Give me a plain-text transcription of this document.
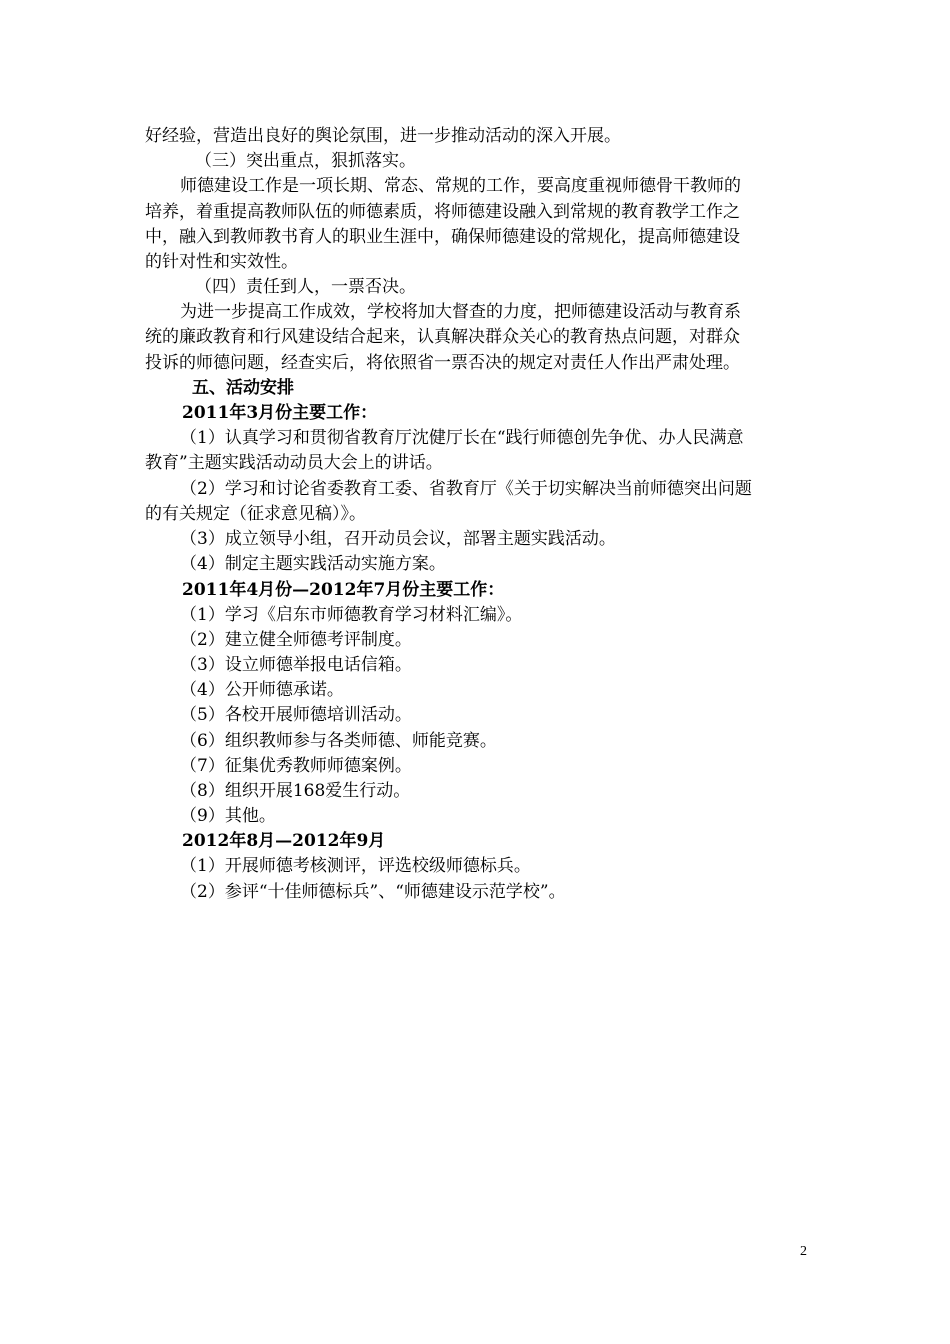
好经验，营造出良好的舆论氛围，进一步推动活动的深入开展。
（三）突出重点，狠抓落实。
师德建设工作是一项长期、常态、常规的工作，要高度重视师德骨干教师的
培养，着重提高教师队伍的师德素质，将师德建设融入到常规的教育教学工作之
中，融入到教师教书育人的职业生涯中，确保师德建设的常规化，提高师德建设
的针对性和实效性。
（四）责任到人，一票否决。
为进一步提高工作成效，学校将加大督查的力度，把师德建设活动与教育系
统的廉政教育和行风建设结合起来，认真解决群众关心的教育热点问题，对群众
投诉的师德问题，经查实后，将依照省一票否决的规定对责任人作出严肃处理。
五、活动安排
2011年3月份主要工作：
（1）认真学习和贯彻省教育厅沈健厅长在“践行师德创先争优、办人民满意
教育”主题实践活动动员大会上的讲话。
（2）学习和讨论省委教育工委、省教育厅《关于切实解决当前师德突出问题
的有关规定（征求意见稿）》。
（3）成立领导小组，召开动员会议，部署主题实践活动。
（4）制定主题实践活动实施方案。
2011年4月份—2012年7月份主要工作：
（1）学习《启东市师德教育学习材料汇编》。
（2）建立健全师德考评制度。
（3）设立师德举报电话信箱。
（4）公开师德承诺。
（5）各校开展师德培训活动。
（6）组织教师参与各类师德、师能竞赛。
（7）征集优秀教师师德案例。
（8）组织开展168爱生行动。
（9）其他。
2012年8月—2012年9月
（1）开展师德考核测评，评选校级师德标兵。
（2）参评“十佳师德标兵”、“师德建设示范学校”。
2
